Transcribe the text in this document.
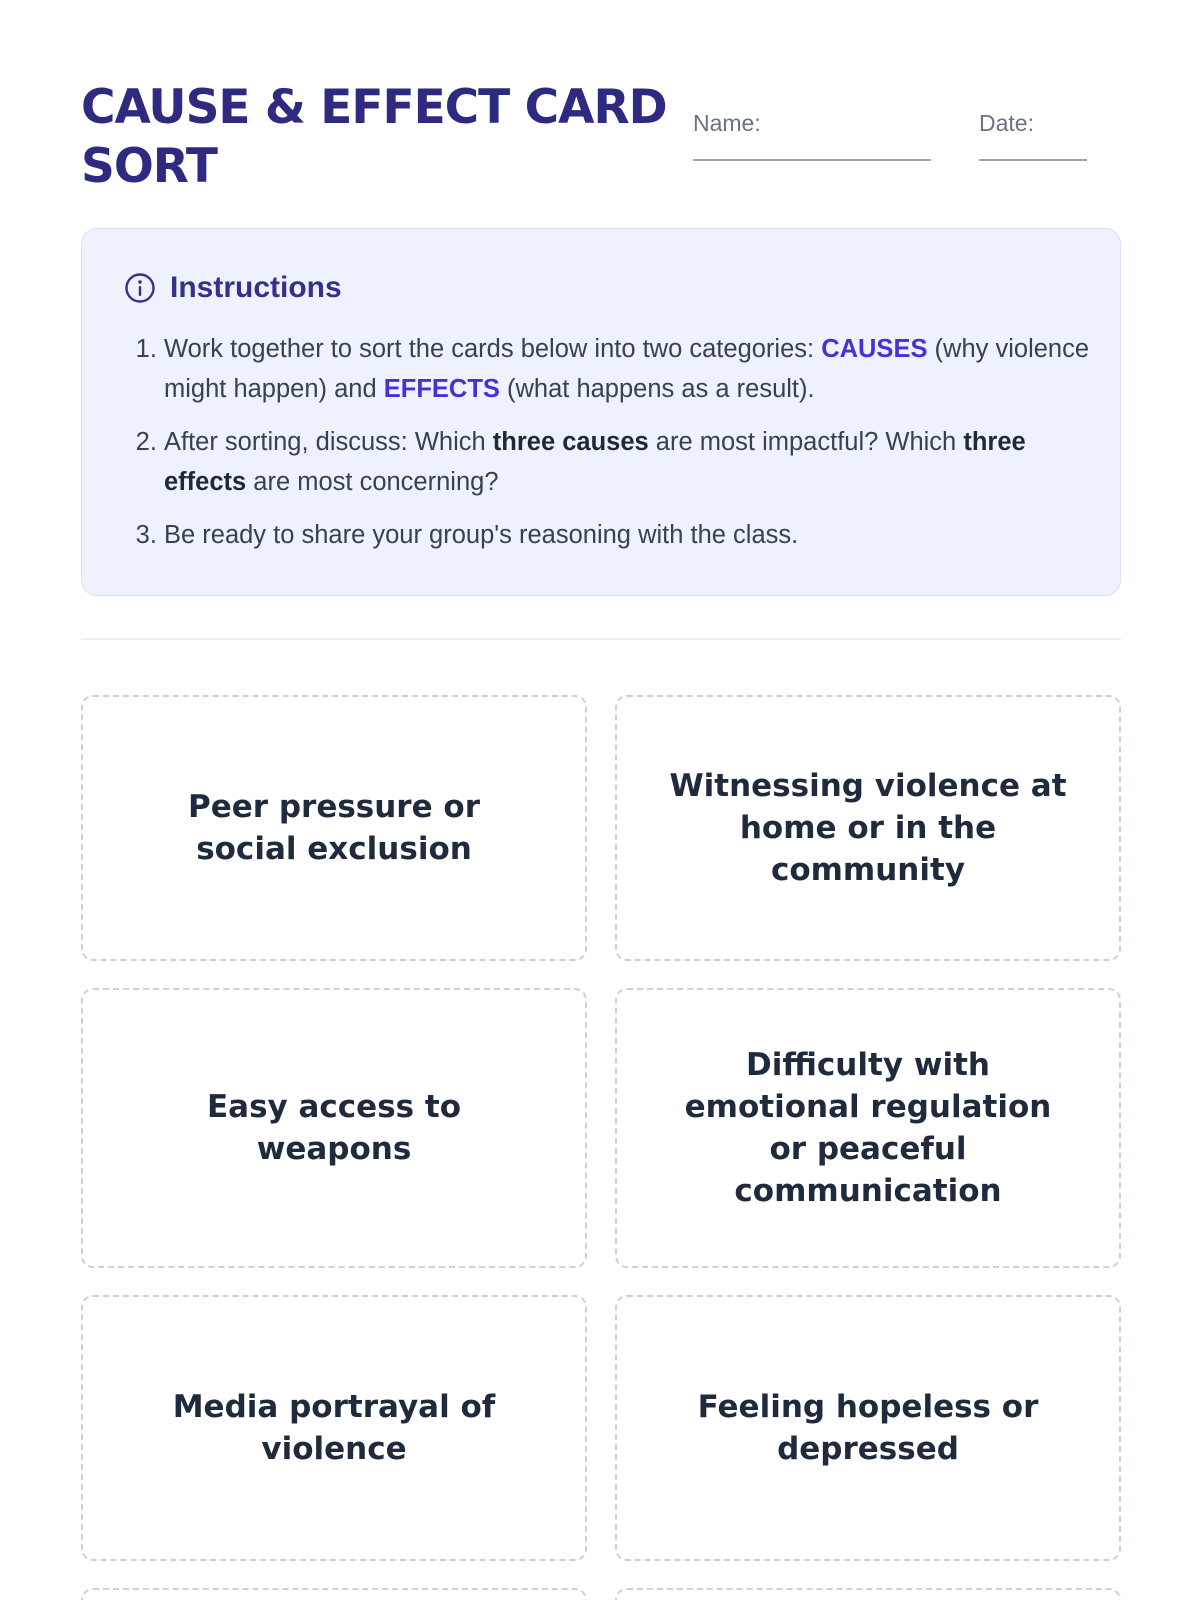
CAUSE & EFFECT CARD SORT
Name:	Date:
Instructions
1. Work together to sort the cards below into two categories: CAUSES (why violence might happen) and EFFECTS (what happens as a result).
2. After sorting, discuss: Which three causes are most impactful? Which three effects are most concerning?
3. Be ready to share your group's reasoning with the class.
Peer pressure or social exclusion
Witnessing violence at home or in the community
Easy access to weapons
Difficulty with emotional regulation or peaceful communication
Media portrayal of violence
Feeling hopeless or depressed
